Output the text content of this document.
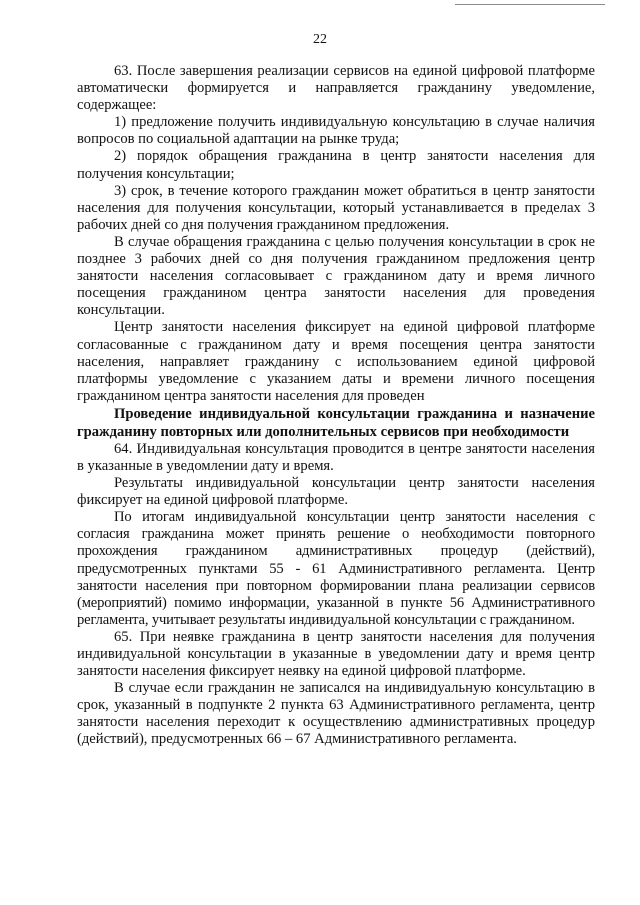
22

63. После завершения реализации сервисов на единой цифровой платформе автоматически формируется и направляется гражданину уведомление, содержащее:

1) предложение получить индивидуальную консультацию в случае наличия вопросов по социальной адаптации на рынке труда;

2) порядок обращения гражданина в центр занятости населения для получения консультации;

3) срок, в течение которого гражданин может обратиться в центр занятости населения для получения консультации, который устанавливается в пределах 3 рабочих дней со дня получения гражданином предложения.

В случае обращения гражданина с целью получения консультации в срок не позднее 3 рабочих дней со дня получения гражданином предложения центр занятости населения согласовывает с гражданином дату и время личного посещения гражданином центра занятости населения для проведения консультации.

Центр занятости населения фиксирует на единой цифровой платформе согласованные с гражданином дату и время посещения центра занятости населения, направляет гражданину с использованием единой цифровой платформы уведомление с указанием даты и времени личного посещения гражданином центра занятости населения для проведен

Проведение индивидуальной консультации гражданина и назначение гражданину повторных или дополнительных сервисов при необходимости

64. Индивидуальная консультация проводится в центре занятости населения в указанные в уведомлении дату и время.

Результаты индивидуальной консультации центр занятости населения фиксирует на единой цифровой платформе.

По итогам индивидуальной консультации центр занятости населения с согласия гражданина может принять решение о необходимости повторного прохождения гражданином административных процедур (действий), предусмотренных пунктами 55 - 61 Административного регламента. Центр занятости населения при повторном формировании плана реализации сервисов (мероприятий) помимо информации, указанной в пункте 56 Административного регламента, учитывает результаты индивидуальной консультации с гражданином.

65. При неявке гражданина в центр занятости населения для получения индивидуальной консультации в указанные в уведомлении дату и время центр занятости населения фиксирует неявку на единой цифровой платформе.

В случае если гражданин не записался на индивидуальную консультацию в срок, указанный в подпункте 2 пункта 63 Административного регламента, центр занятости населения переходит к осуществлению административных процедур (действий), предусмотренных 66 – 67 Административного регламента.
